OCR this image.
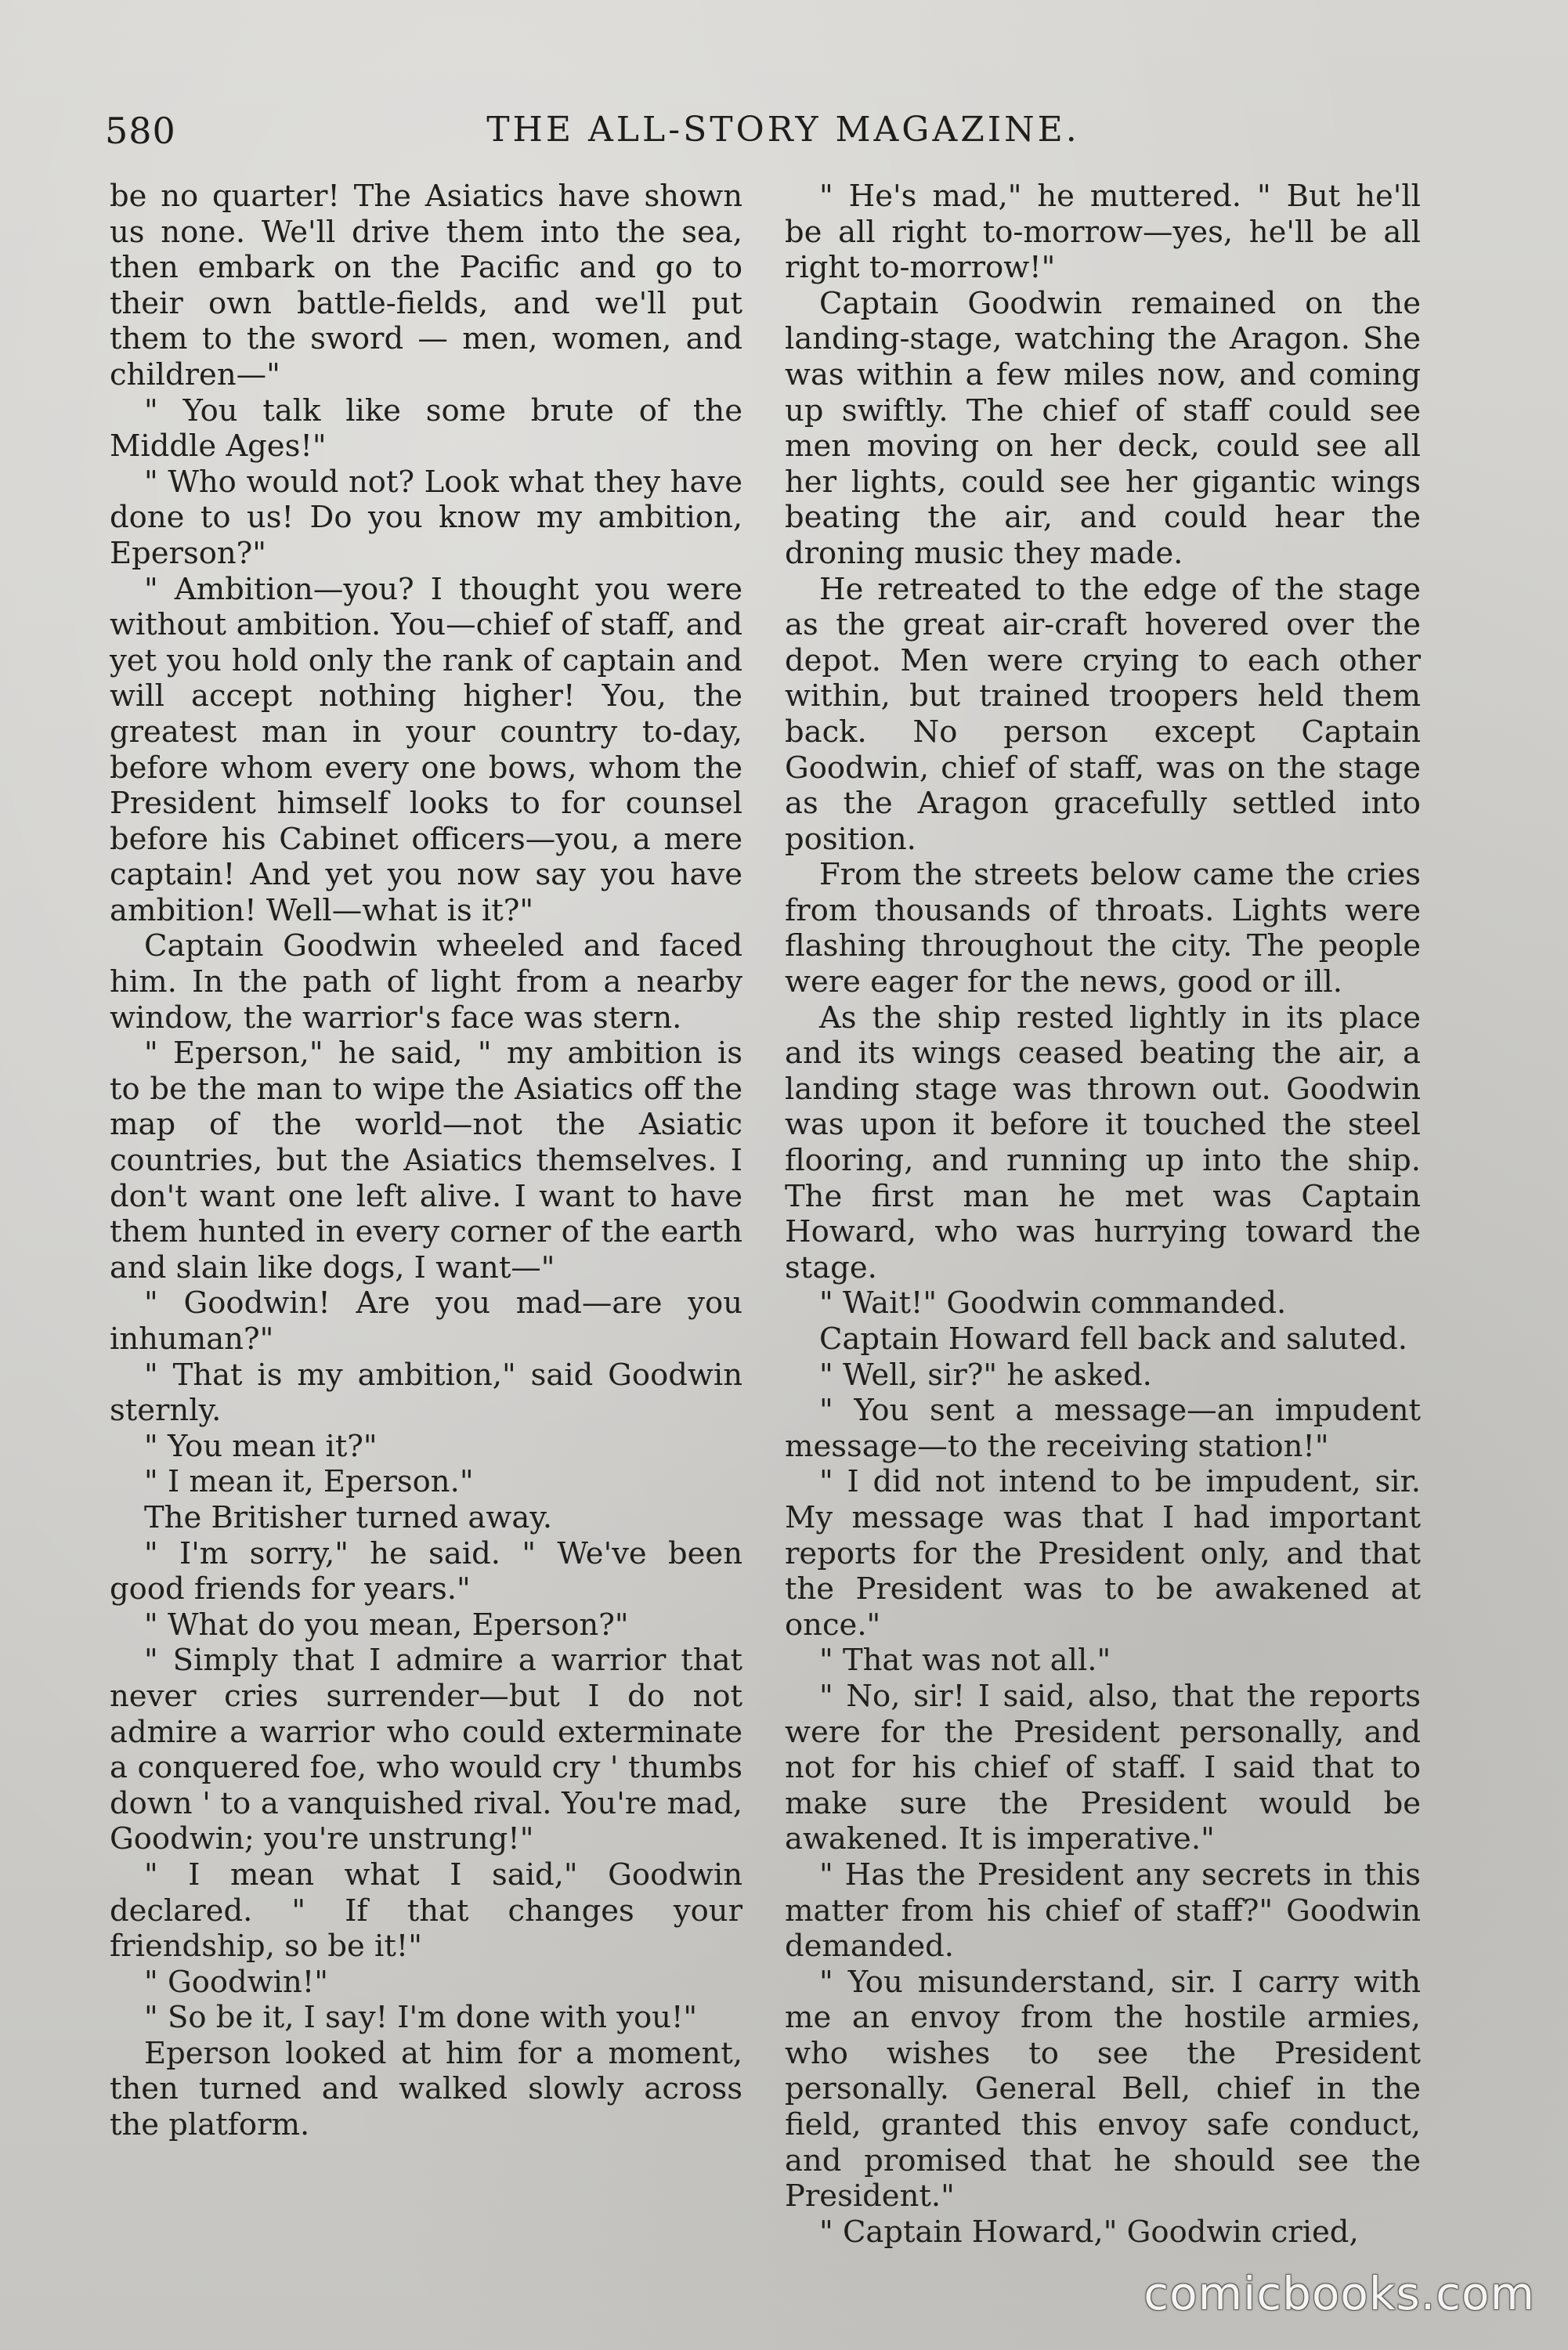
580	THE ALL-STORY MAGAZINE.

be no quarter! The Asiatics have shown us none. We'll drive them into the sea, then embark on the Pacific and go to their own battle-fields, and we'll put them to the sword — men, women, and children—"

" You talk like some brute of the Middle Ages!"

" Who would not? Look what they have done to us! Do you know my ambition, Eperson?"

" Ambition—you? I thought you were without ambition. You—chief of staff, and yet you hold only the rank of captain and will accept nothing higher! You, the greatest man in your country to-day, before whom every one bows, whom the President himself looks to for counsel before his Cabinet officers—you, a mere captain! And yet you now say you have ambition! Well—what is it?"

Captain Goodwin wheeled and faced him. In the path of light from a nearby window, the warrior's face was stern.

" Eperson," he said, " my ambition is to be the man to wipe the Asiatics off the map of the world—not the Asiatic countries, but the Asiatics themselves. I don't want one left alive. I want to have them hunted in every corner of the earth and slain like dogs, I want—"

" Goodwin! Are you mad—are you inhuman?"

" That is my ambition," said Goodwin sternly.

" You mean it?"

" I mean it, Eperson."

The Britisher turned away.

" I'm sorry," he said. " We've been good friends for years."

" What do you mean, Eperson?"

" Simply that I admire a warrior that never cries surrender—but I do not admire a warrior who could exterminate a conquered foe, who would cry ' thumbs down ' to a vanquished rival. You're mad, Goodwin; you're unstrung!"

" I mean what I said," Goodwin declared. " If that changes your friendship, so be it!"

" Goodwin!"

" So be it, I say! I'm done with you!"

Eperson looked at him for a moment, then turned and walked slowly across the platform.

" He's mad," he muttered. " But he'll be all right to-morrow—yes, he'll be all right to-morrow!"

Captain Goodwin remained on the landing-stage, watching the Aragon. She was within a few miles now, and coming up swiftly. The chief of staff could see men moving on her deck, could see all her lights, could see her gigantic wings beating the air, and could hear the droning music they made.

He retreated to the edge of the stage as the great air-craft hovered over the depot. Men were crying to each other within, but trained troopers held them back. No person except Captain Goodwin, chief of staff, was on the stage as the Aragon gracefully settled into position.

From the streets below came the cries from thousands of throats. Lights were flashing throughout the city. The people were eager for the news, good or ill.

As the ship rested lightly in its place and its wings ceased beating the air, a landing stage was thrown out. Goodwin was upon it before it touched the steel flooring, and running up into the ship. The first man he met was Captain Howard, who was hurrying toward the stage.

" Wait!" Goodwin commanded.

Captain Howard fell back and saluted.

" Well, sir?" he asked.

" You sent a message—an impudent message—to the receiving station!"

" I did not intend to be impudent, sir. My message was that I had important reports for the President only, and that the President was to be awakened at once."

" That was not all."

" No, sir! I said, also, that the reports were for the President personally, and not for his chief of staff. I said that to make sure the President would be awakened. It is imperative."

" Has the President any secrets in this matter from his chief of staff?" Goodwin demanded.

" You misunderstand, sir. I carry with me an envoy from the hostile armies, who wishes to see the President personally. General Bell, chief in the field, granted this envoy safe conduct, and promised that he should see the President."

" Captain Howard," Goodwin cried,

comicbooks.com
